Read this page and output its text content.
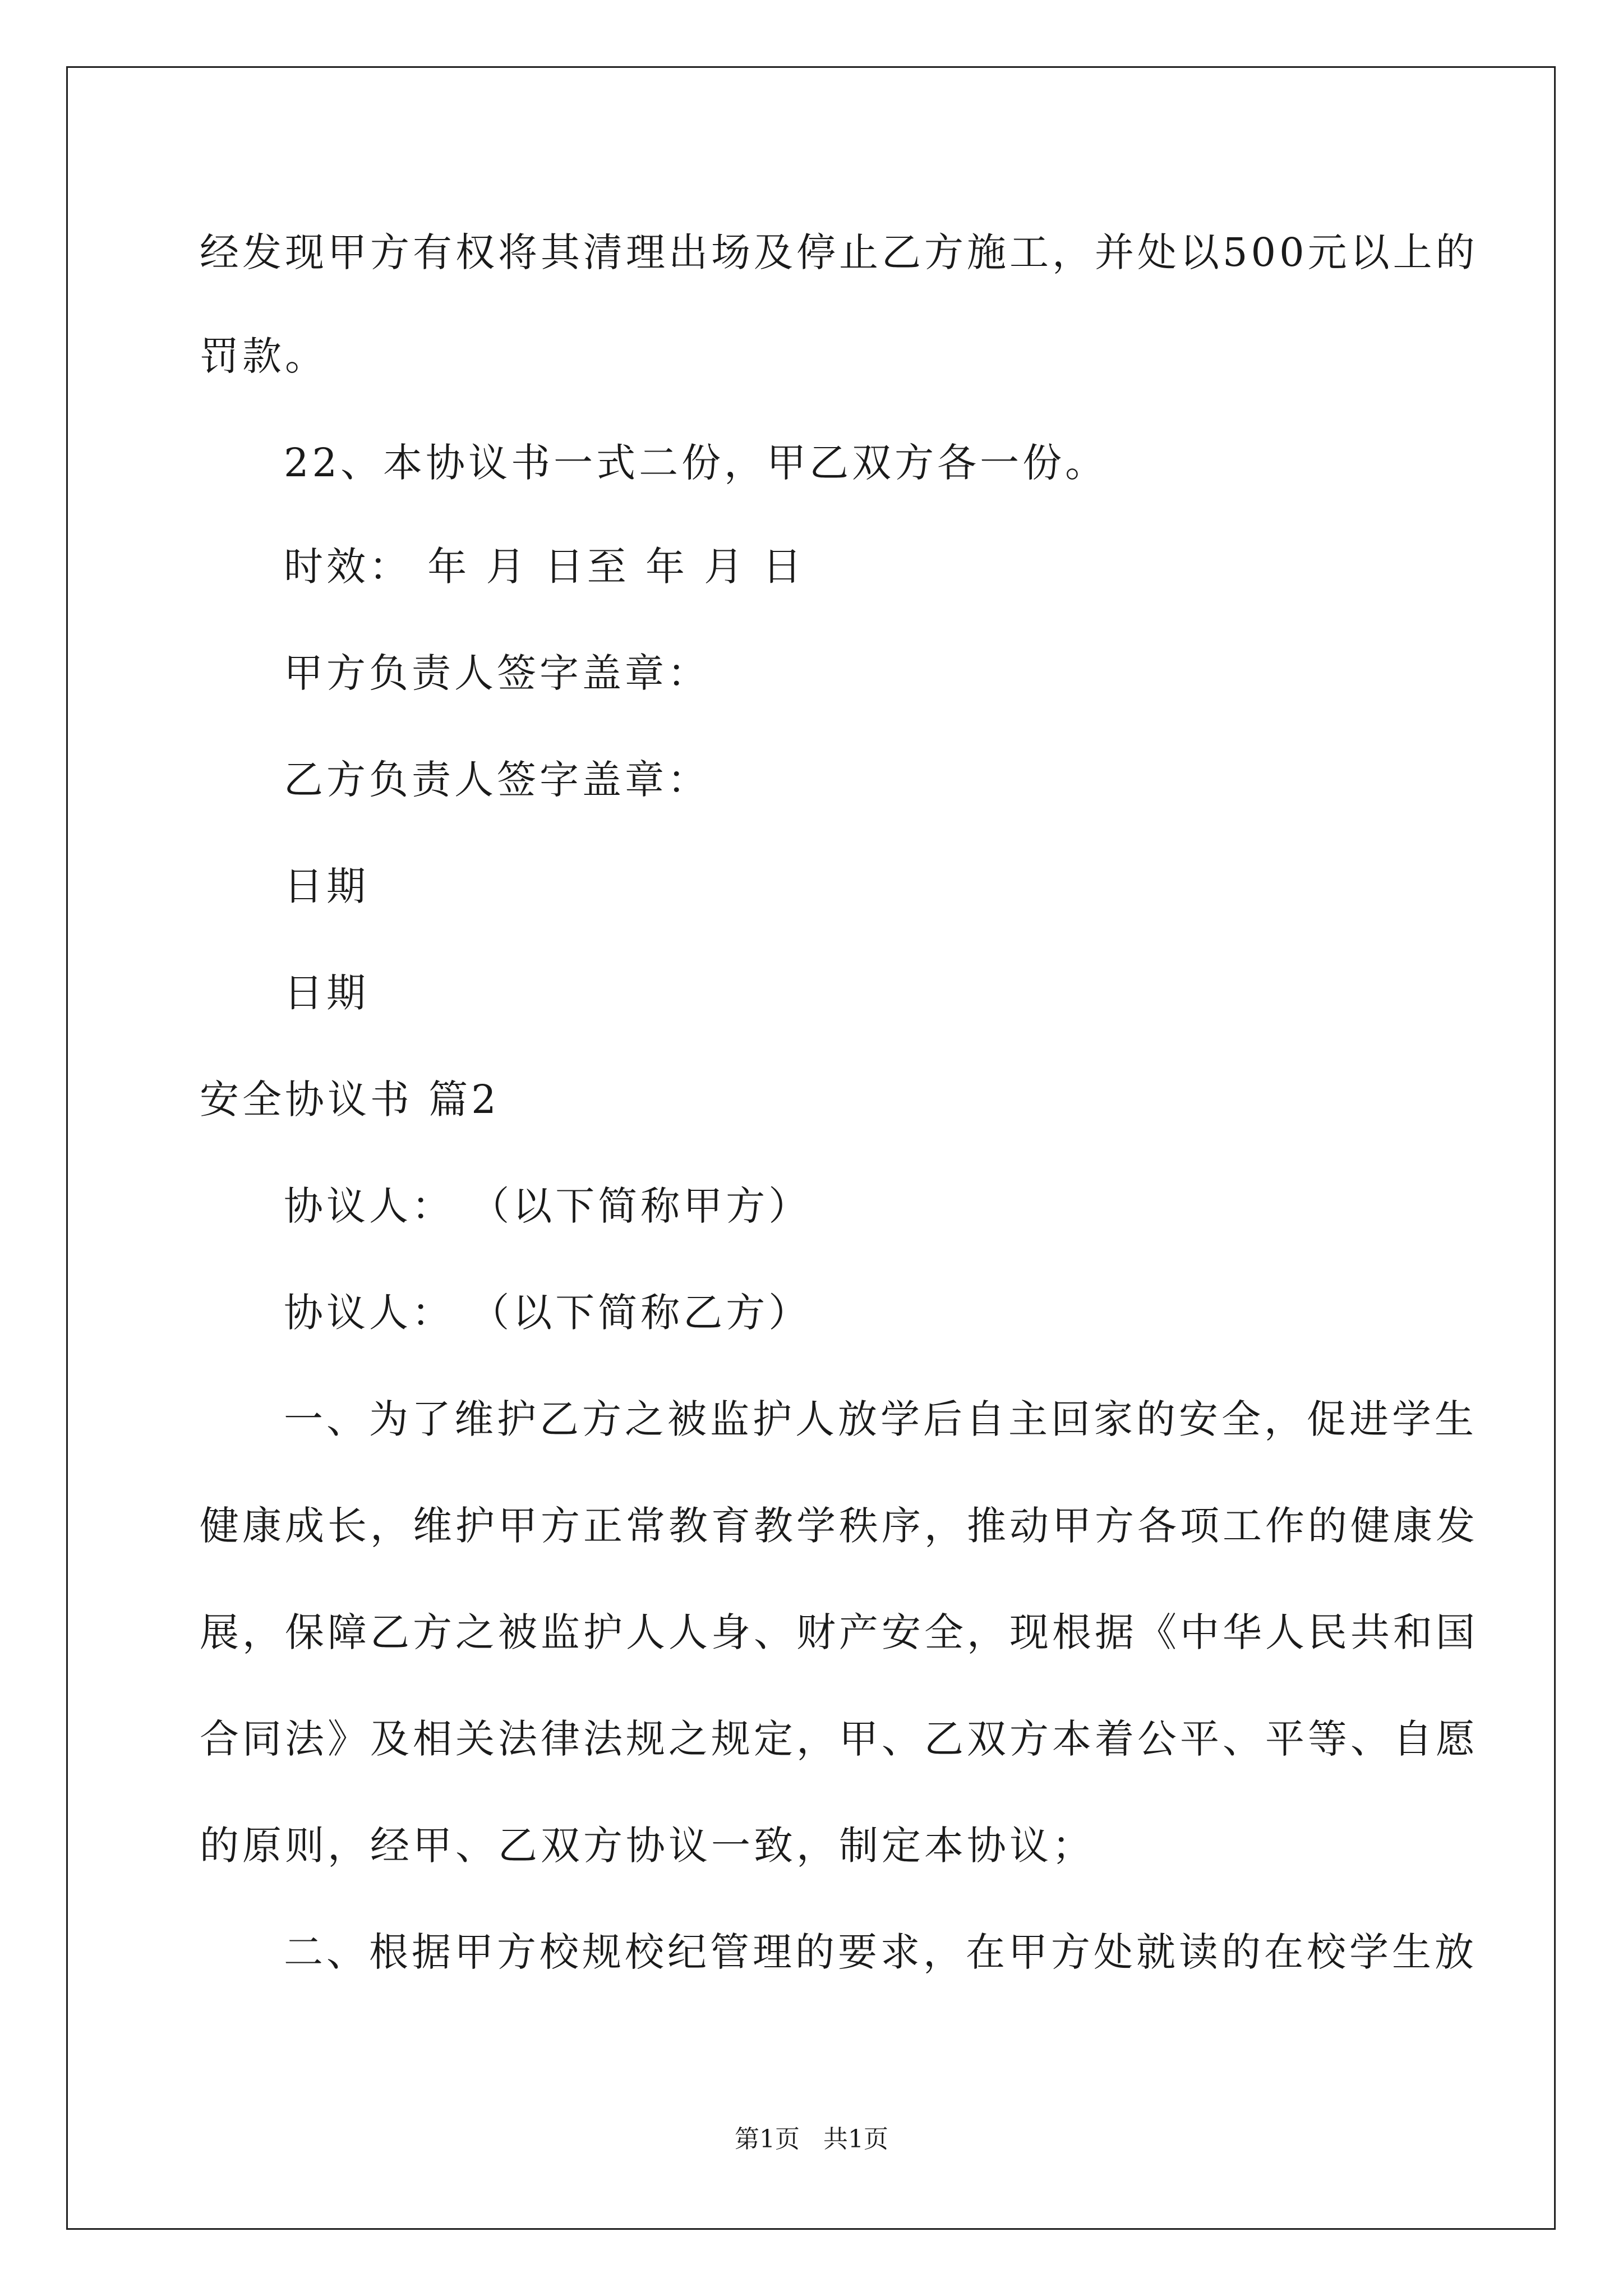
经发现甲方有权将其清理出场及停止乙方施工，并处以500元以上的
罚款。
22、本协议书一式二份，甲乙双方各一份。
时效： 年 月 日至 年 月 日
甲方负责人签字盖章：
乙方负责人签字盖章：
日期
日期
安全协议书 篇2
协议人： （以下简称甲方）
协议人： （以下简称乙方）
一、为了维护乙方之被监护人放学后自主回家的安全，促进学生
健康成长，维护甲方正常教育教学秩序，推动甲方各项工作的健康发
展，保障乙方之被监护人人身、财产安全，现根据《中华人民共和国
合同法》及相关法律法规之规定，甲、乙双方本着公平、平等、自愿
的原则，经甲、乙双方协议一致，制定本协议；
二、根据甲方校规校纪管理的要求，在甲方处就读的在校学生放
第1页   共1页
